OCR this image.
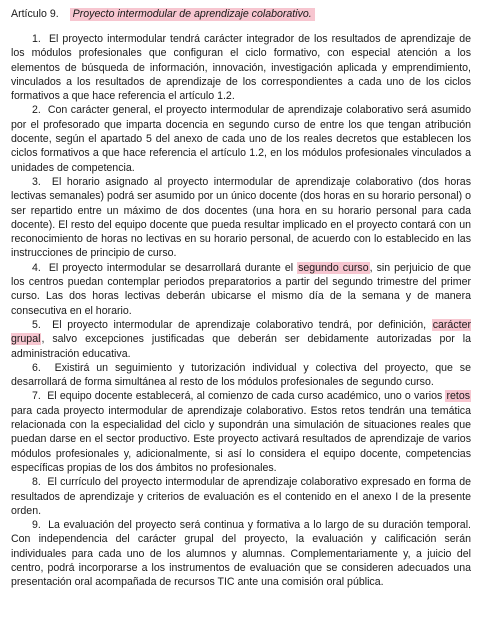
Artículo 9. Proyecto intermodular de aprendizaje colaborativo.

1. El proyecto intermodular tendrá carácter integrador de los resultados de aprendizaje de los módulos profesionales que configuran el ciclo formativo, con especial atención a los elementos de búsqueda de información, innovación, investigación aplicada y emprendimiento, vinculados a los resultados de aprendizaje de los correspondientes a cada uno de los ciclos formativos a que hace referencia el artículo 1.2.

2. Con carácter general, el proyecto intermodular de aprendizaje colaborativo será asumido por el profesorado que imparta docencia en segundo curso de entre los que tengan atribución docente, según el apartado 5 del anexo de cada uno de los reales decretos que establecen los ciclos formativos a que hace referencia el artículo 1.2, en los módulos profesionales vinculados a unidades de competencia.

3. El horario asignado al proyecto intermodular de aprendizaje colaborativo (dos horas lectivas semanales) podrá ser asumido por un único docente (dos horas en su horario personal) o ser repartido entre un máximo de dos docentes (una hora en su horario personal para cada docente). El resto del equipo docente que pueda resultar implicado en el proyecto contará con un reconocimiento de horas no lectivas en su horario personal, de acuerdo con lo establecido en las instrucciones de principio de curso.

4. El proyecto intermodular se desarrollará durante el segundo curso, sin perjuicio de que los centros puedan contemplar periodos preparatorios a partir del segundo trimestre del primer curso. Las dos horas lectivas deberán ubicarse el mismo día de la semana y de manera consecutiva en el horario.

5. El proyecto intermodular de aprendizaje colaborativo tendrá, por definición, carácter grupal, salvo excepciones justificadas que deberán ser debidamente autorizadas por la administración educativa.

6. Existirá un seguimiento y tutorización individual y colectiva del proyecto, que se desarrollará de forma simultánea al resto de los módulos profesionales de segundo curso.

7. El equipo docente establecerá, al comienzo de cada curso académico, uno o varios retos para cada proyecto intermodular de aprendizaje colaborativo. Estos retos tendrán una temática relacionada con la especialidad del ciclo y supondrán una simulación de situaciones reales que puedan darse en el sector productivo. Este proyecto activará resultados de aprendizaje de varios módulos profesionales y, adicionalmente, si así lo considera el equipo docente, competencias específicas propias de los dos ámbitos no profesionales.

8. El currículo del proyecto intermodular de aprendizaje colaborativo expresado en forma de resultados de aprendizaje y criterios de evaluación es el contenido en el anexo I de la presente orden.

9. La evaluación del proyecto será continua y formativa a lo largo de su duración temporal. Con independencia del carácter grupal del proyecto, la evaluación y calificación serán individuales para cada uno de los alumnos y alumnas. Complementariamente y, a juicio del centro, podrá incorporarse a los instrumentos de evaluación que se consideren adecuados una presentación oral acompañada de recursos TIC ante una comisión oral pública.
